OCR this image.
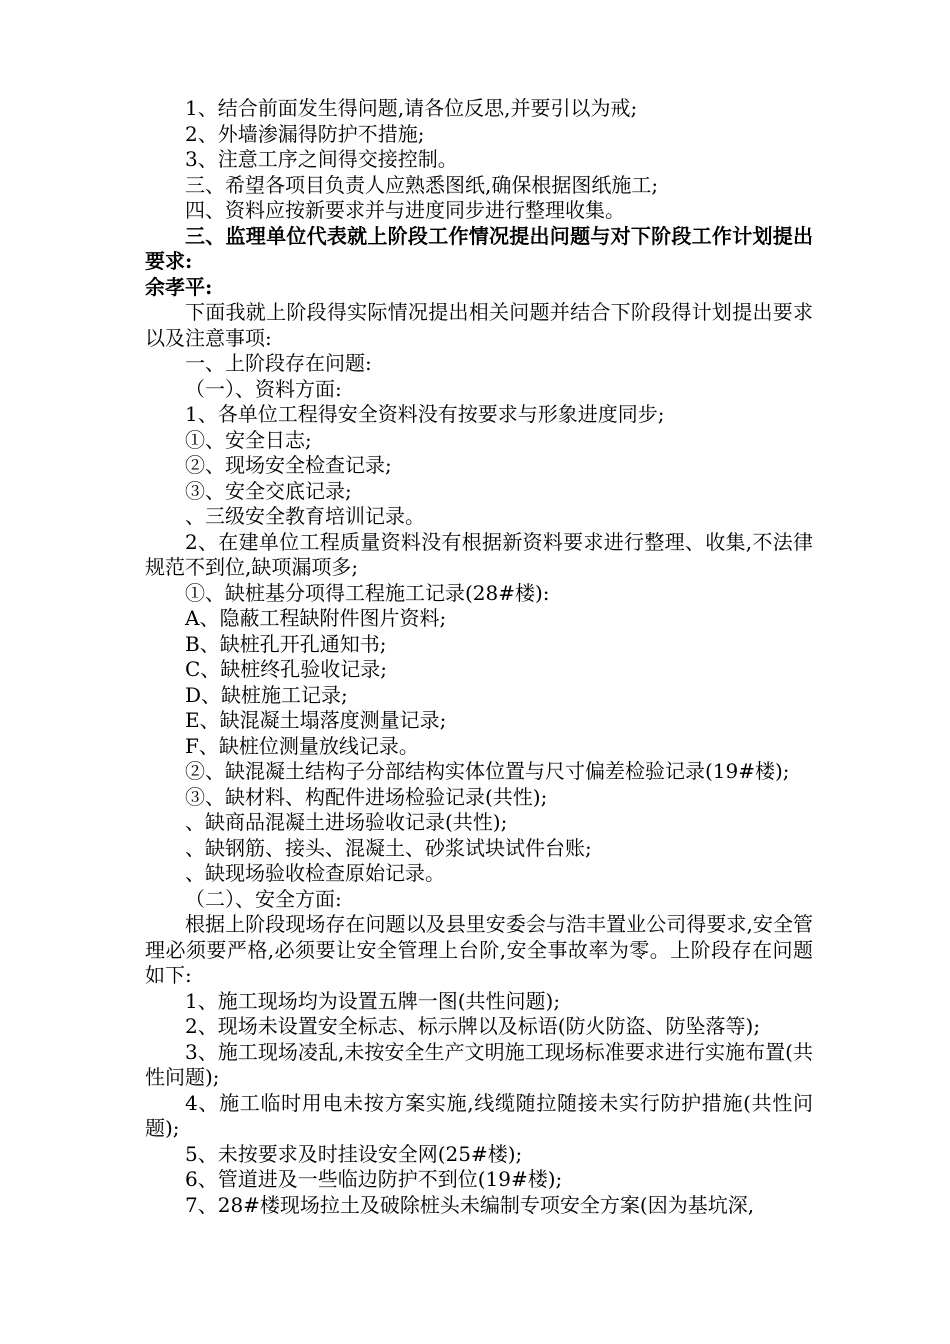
1、结合前面发生得问题,请各位反思,并要引以为戒;

2、外墙渗漏得防护不措施;

3、注意工序之间得交接控制。

三、希望各项目负责人应熟悉图纸,确保根据图纸施工;

四、资料应按新要求并与进度同步进行整理收集。

三、监理单位代表就上阶段工作情况提出问题与对下阶段工作计划提出要求:

余孝平:

下面我就上阶段得实际情况提出相关问题并结合下阶段得计划提出要求以及注意事项:

一、上阶段存在问题:

（一）、资料方面:

1、各单位工程得安全资料没有按要求与形象进度同步;

①、安全日志;

②、现场安全检查记录;

③、安全交底记录;

、三级安全教育培训记录。

2、在建单位工程质量资料没有根据新资料要求进行整理、收集,不法律规范不到位,缺项漏项多;

①、缺桩基分项得工程施工记录(28#楼):

A、隐蔽工程缺附件图片资料;

B、缺桩孔开孔通知书;

C、缺桩终孔验收记录;

D、缺桩施工记录;

E、缺混凝土塌落度测量记录;

F、缺桩位测量放线记录。

②、缺混凝土结构子分部结构实体位置与尺寸偏差检验记录(19#楼);

③、缺材料、构配件进场检验记录(共性);

、缺商品混凝土进场验收记录(共性);

、缺钢筋、接头、混凝土、砂浆试块试件台账;

、缺现场验收检查原始记录。

（二）、安全方面:

根据上阶段现场存在问题以及县里安委会与浩丰置业公司得要求,安全管理必须要严格,必须要让安全管理上台阶,安全事故率为零。上阶段存在问题如下:

1、施工现场均为设置五牌一图(共性问题);

2、现场未设置安全标志、标示牌以及标语(防火防盗、防坠落等);

3、施工现场凌乱,未按安全生产文明施工现场标准要求进行实施布置(共性问题);

4、施工临时用电未按方案实施,线缆随拉随接未实行防护措施(共性问题);

5、未按要求及时挂设安全网(25#楼);

6、管道进及一些临边防护不到位(19#楼);

7、28#楼现场拉土及破除桩头未编制专项安全方案(因为基坑深,
